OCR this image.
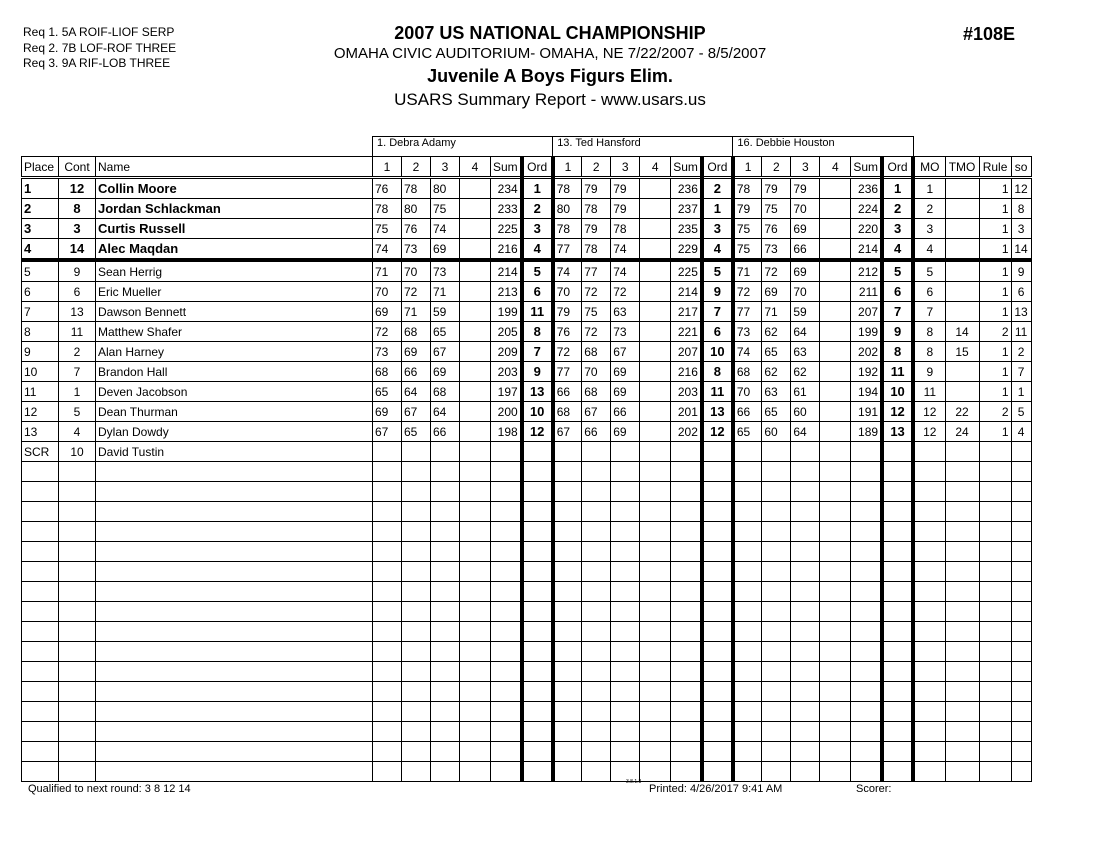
Req 1. 5A ROIF-LIOF SERP
Req 2. 7B LOF-ROF THREE
Req 3. 9A RIF-LOB THREE
2007 US NATIONAL CHAMPIONSHIP
OMAHA CIVIC AUDITORIUM- OMAHA, NE 7/22/2007 - 8/5/2007
Juvenile A Boys Figurs Elim.
USARS Summary Report - www.usars.us
#108E
			1. Debra Adamy						13. Ted Hansford						16. Debbie Houston									
Place	Cont	Name	1	2	3	4	Sum	Ord	1	2	3	4	Sum	Ord	1	2	3	4	Sum	Ord	MO	TMO	Rule	so
1	12	Collin Moore	76	78	80		234	1	78	79	79		236	2	78	79	79		236	1	1		1	12
2	8	Jordan Schlackman	78	80	75		233	2	80	78	79		237	1	79	75	70		224	2	2		1	8
3	3	Curtis Russell	75	76	74		225	3	78	79	78		235	3	75	76	69		220	3	3		1	3
4	14	Alec Maqdan	74	73	69		216	4	77	78	74		229	4	75	73	66		214	4	4		1	14
5	9	Sean Herrig	71	70	73		214	5	74	77	74		225	5	71	72	69		212	5	5		1	9
6	6	Eric Mueller	70	72	71		213	6	70	72	72		214	9	72	69	70		211	6	6		1	6
7	13	Dawson Bennett	69	71	59		199	11	79	75	63		217	7	77	71	59		207	7	7		1	13
8	11	Matthew Shafer	72	68	65		205	8	76	72	73		221	6	73	62	64		199	9	8	14	2	11
9	2	Alan Harney	73	69	67		209	7	72	68	67		207	10	74	65	63		202	8	8	15	1	2
10	7	Brandon Hall	68	66	69		203	9	77	70	69		216	8	68	62	62		192	11	9		1	7
11	1	Deven Jacobson	65	64	68		197	13	66	68	69		203	11	70	63	61		194	10	11		1	1
12	5	Dean Thurman	69	67	64		200	10	68	67	66		201	13	66	65	60		191	12	12	22	2	5
13	4	Dylan Dowdy	67	65	66		198	12	67	66	69		202	12	65	60	64		189	13	12	24	1	4
SCR	10	David Tustin																						

Qualified to next round: 3 8 12 14
3.8.1.8
Printed: 4/26/2017 9:41 AM	Scorer:
